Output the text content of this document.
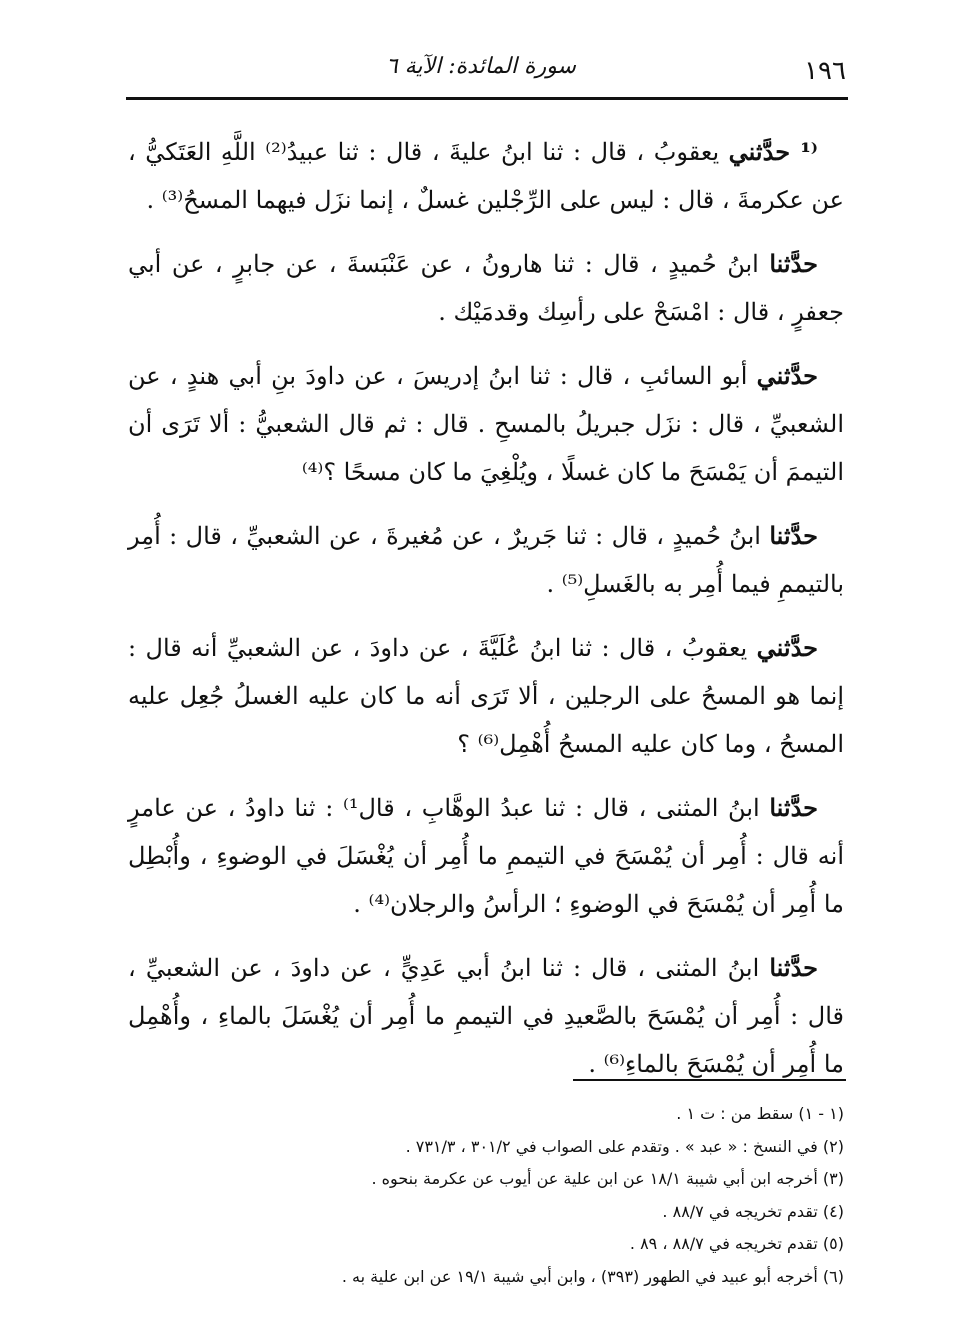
١٩٦
سورة المائدة: الآية ٦

⁽¹ حدَّثني يعقوبُ ، قال : ثنا ابنُ عليةَ ، قال : ثنا عبيدُ⁽²⁾ اللَّهِ العَتَكيُّ ، عن عكرمةَ ، قال : ليس على الرِّجْلين غسلٌ ، إنما نزَل فيهما المسحُ⁽³⁾ .

حدَّثنا ابنُ حُميدٍ ، قال : ثنا هارونُ ، عن عَنْبَسةَ ، عن جابرٍ ، عن أبي جعفرٍ ، قال : امْسَحْ على رأسِك وقدمَيْك .

حدَّثني أبو السائبِ ، قال : ثنا ابنُ إدريسَ ، عن داودَ بنِ أبي هندٍ ، عن الشعبيِّ ، قال : نزَل جبريلُ بالمسحِ . قال : ثم قال الشعبيُّ : ألا تَرَى أن التيممَ أن يَمْسَحَ ما كان غسلًا ، ويُلْغِيَ ما كان مسحًا ؟⁽⁴⁾

حدَّثنا ابنُ حُميدٍ ، قال : ثنا جَريرٌ ، عن مُغيرةَ ، عن الشعبيِّ ، قال : أُمِر بالتيممِ فيما أُمِر به بالغَسلِ⁽⁵⁾ .

حدَّثني يعقوبُ ، قال : ثنا ابنُ عُلَيَّةَ ، عن داودَ ، عن الشعبيِّ أنه قال : إنما هو المسحُ على الرجلين ، ألا تَرَى أنه ما كان عليه الغسلُ جُعِل عليه المسحُ ، وما كان عليه المسحُ أُهْمِل⁽⁶⁾ ؟

حدَّثنا ابنُ المثنى ، قال : ثنا عبدُ الوهَّابِ ، قال¹⁾ : ثنا داودُ ، عن عامرٍ أنه قال : أُمِر أن يُمْسَحَ في التيممِ ما أُمِر أن يُغْسَلَ في الوضوءِ ، وأُبْطِل ما أُمِر أن يُمْسَحَ في الوضوءِ ؛ الرأسُ والرجلان⁽⁴⁾ .

حدَّثنا ابنُ المثنى ، قال : ثنا ابنُ أبي عَدِيٍّ ، عن داودَ ، عن الشعبيِّ ، قال : أُمِر أن يُمْسَحَ بالصَّعيدِ في التيممِ ما أُمِر أن يُغْسَلَ بالماءِ ، وأُهْمِل ما أُمِر أن يُمْسَحَ بالماءِ⁽⁶⁾ .

(١ - ١) سقط من : ت ١ .
(٢) في النسخ : « عبد » . وتقدم على الصواب في ٣٠١/٢ ، ٧٣١/٣ .
(٣) أخرجه ابن أبي شيبة ١٨/١ عن ابن علية عن أيوب عن عكرمة بنحوه .
(٤) تقدم تخريجه في ٨٨/٧ .
(٥) تقدم تخريجه في ٨٨/٧ ، ٨٩ .
(٦) أخرجه أبو عبيد في الطهور (٣٩٣) ، وابن أبي شيبة ١٩/١ عن ابن علية به .
